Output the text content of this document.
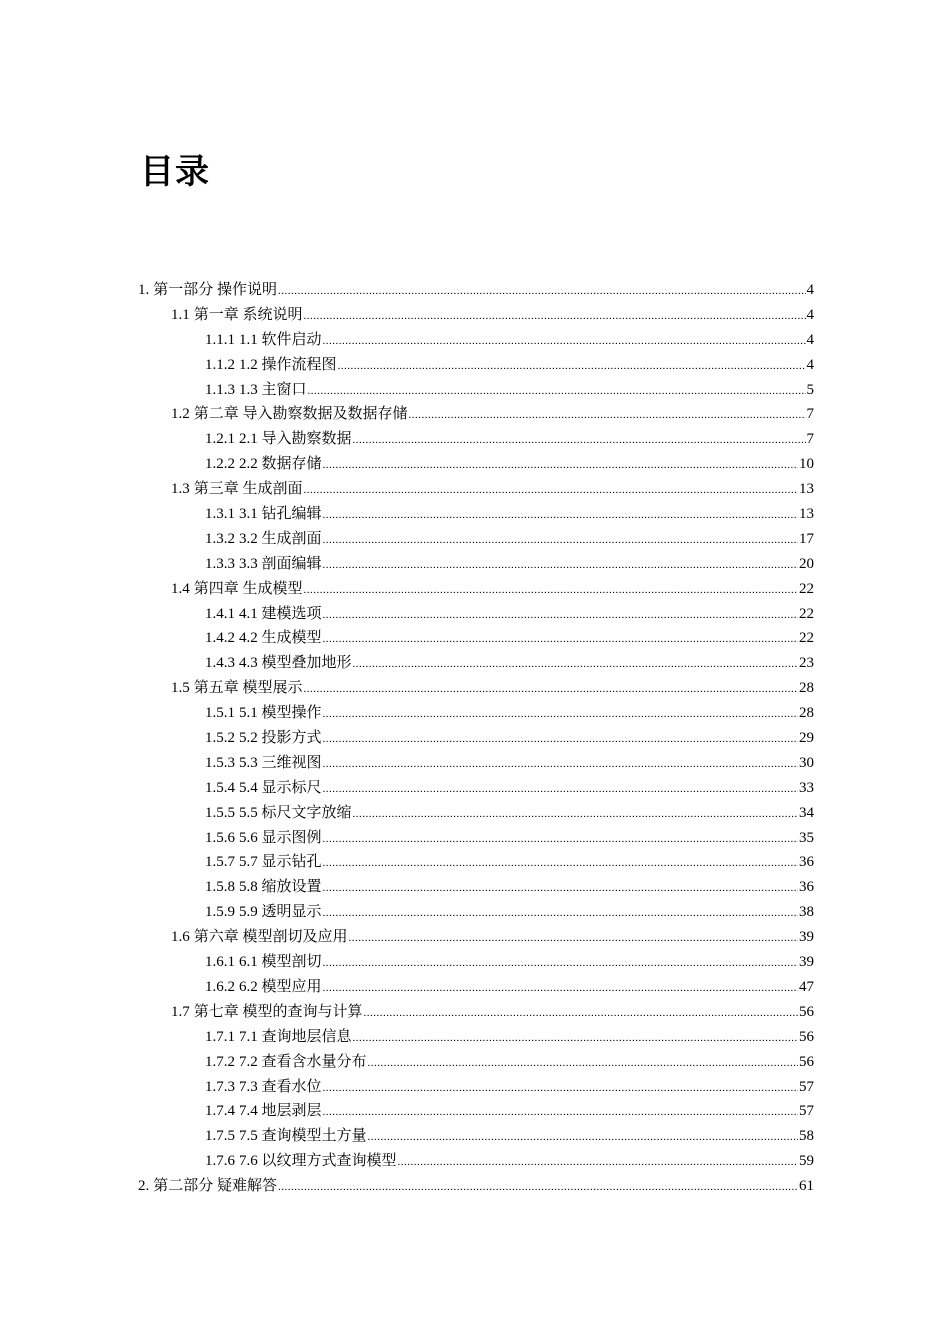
目录
1. 第一部分 操作说明 .....	4
1.1 第一章 系统说明 .....	4
1.1.1 1.1 软件启动 .....	4
1.1.2 1.2 操作流程图 .....	4
1.1.3 1.3 主窗口 .....	5
1.2 第二章 导入勘察数据及数据存储 .....	7
1.2.1 2.1 导入勘察数据 .....	7
1.2.2 2.2 数据存储 .....	10
1.3 第三章 生成剖面 .....	13
1.3.1 3.1 钻孔编辑 .....	13
1.3.2 3.2 生成剖面 .....	17
1.3.3 3.3 剖面编辑 .....	20
1.4 第四章 生成模型 .....	22
1.4.1 4.1 建模选项 .....	22
1.4.2 4.2 生成模型 .....	22
1.4.3 4.3 模型叠加地形 .....	23
1.5 第五章 模型展示 .....	28
1.5.1 5.1 模型操作 .....	28
1.5.2 5.2 投影方式 .....	29
1.5.3 5.3 三维视图 .....	30
1.5.4 5.4 显示标尺 .....	33
1.5.5 5.5 标尺文字放缩 .....	34
1.5.6 5.6 显示图例 .....	35
1.5.7 5.7 显示钻孔 .....	36
1.5.8 5.8 缩放设置 .....	36
1.5.9 5.9 透明显示 .....	38
1.6 第六章 模型剖切及应用 .....	39
1.6.1 6.1 模型剖切 .....	39
1.6.2 6.2 模型应用 .....	47
1.7 第七章 模型的查询与计算 .....	56
1.7.1 7.1 查询地层信息 .....	56
1.7.2 7.2 查看含水量分布 .....	56
1.7.3 7.3 查看水位 .....	57
1.7.4 7.4 地层剥层 .....	57
1.7.5 7.5 查询模型土方量 .....	58
1.7.6 7.6 以纹理方式查询模型 .....	59
2. 第二部分 疑难解答 .....	61
